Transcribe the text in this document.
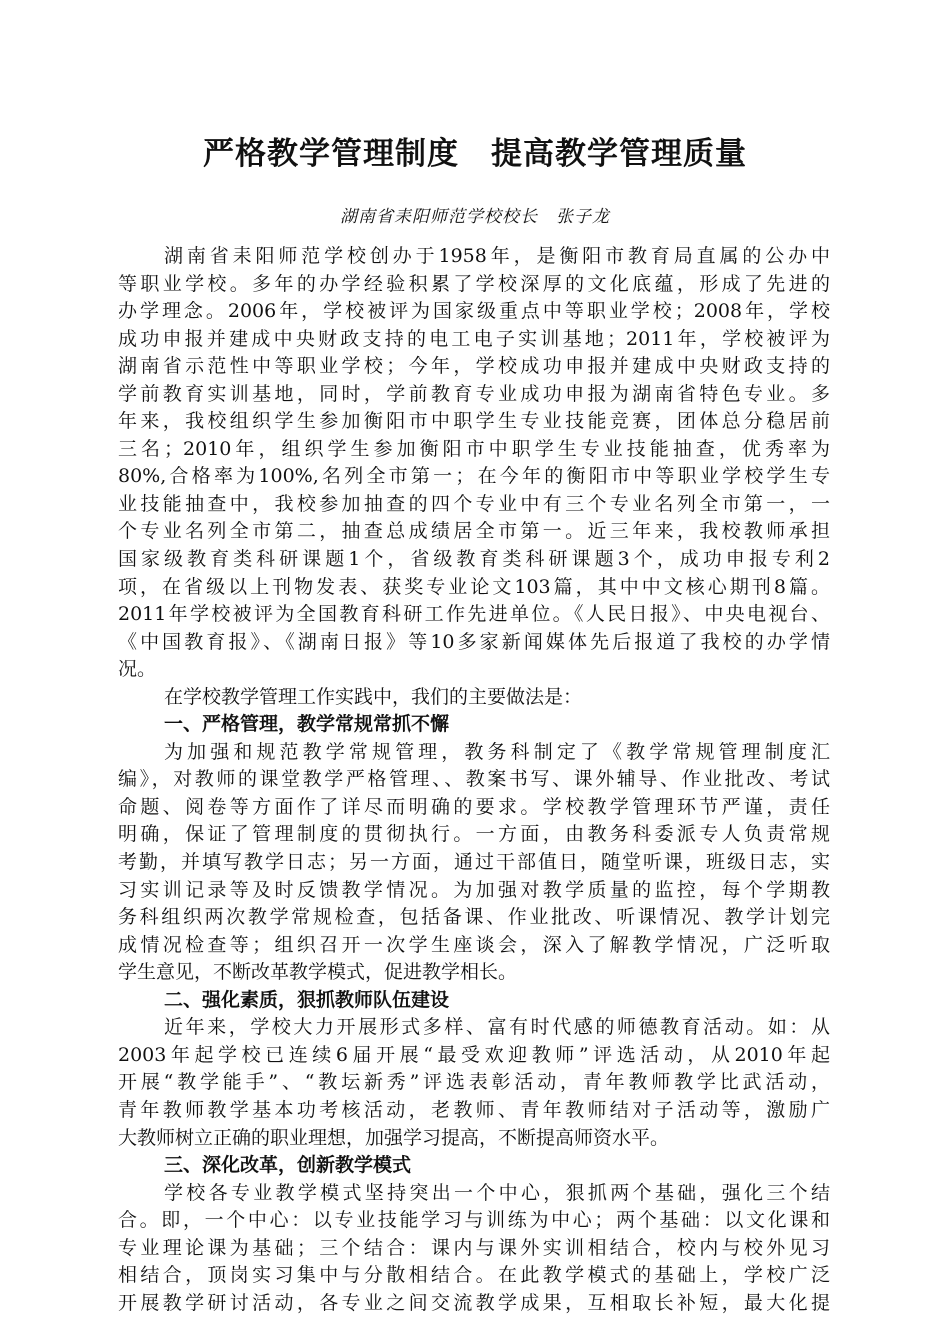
严格教学管理制度　提高教学管理质量
湖南省耒阳师范学校校长　张子龙
湖南省耒阳师范学校创办于1958年，是衡阳市教育局直属的公办中
等职业学校。多年的办学经验积累了学校深厚的文化底蕴，形成了先进的
办学理念。2006年，学校被评为国家级重点中等职业学校；2008年，学校
成功申报并建成中央财政支持的电工电子实训基地；2011年，学校被评为
湖南省示范性中等职业学校；今年，学校成功申报并建成中央财政支持的
学前教育实训基地，同时，学前教育专业成功申报为湖南省特色专业。多
年来，我校组织学生参加衡阳市中职学生专业技能竞赛，团体总分稳居前
三名；2010年，组织学生参加衡阳市中职学生专业技能抽查，优秀率为
80%,合格率为100%,名列全市第一；在今年的衡阳市中等职业学校学生专
业技能抽查中，我校参加抽查的四个专业中有三个专业名列全市第一，一
个专业名列全市第二，抽查总成绩居全市第一。近三年来，我校教师承担
国家级教育类科研课题1个，省级教育类科研课题3个，成功申报专利2
项，在省级以上刊物发表、获奖专业论文103篇，其中中文核心期刊8篇。
2011年学校被评为全国教育科研工作先进单位。《人民日报》、中央电视台、
《中国教育报》、《湖南日报》等10多家新闻媒体先后报道了我校的办学情
况。
在学校教学管理工作实践中，我们的主要做法是：
一、严格管理，教学常规常抓不懈
为加强和规范教学常规管理，教务科制定了《教学常规管理制度汇
编》，对教师的课堂教学严格管理、、教案书写、课外辅导、作业批改、考试
命题、阅卷等方面作了详尽而明确的要求。学校教学管理环节严谨，责任
明确，保证了管理制度的贯彻执行。一方面，由教务科委派专人负责常规
考勤，并填写教学日志；另一方面，通过干部值日，随堂听课，班级日志，实
习实训记录等及时反馈教学情况。为加强对教学质量的监控，每个学期教
务科组织两次教学常规检查，包括备课、作业批改、听课情况、教学计划完
成情况检查等；组织召开一次学生座谈会，深入了解教学情况，广泛听取
学生意见，不断改革教学模式，促进教学相长。
二、强化素质，狠抓教师队伍建设
近年来，学校大力开展形式多样、富有时代感的师德教育活动。如：从
2003年起学校已连续6届开展“最受欢迎教师”评选活动，从2010年起
开展“教学能手”、“教坛新秀”评选表彰活动，青年教师教学比武活动，
青年教师教学基本功考核活动，老教师、青年教师结对子活动等，激励广
大教师树立正确的职业理想，加强学习提高，不断提高师资水平。
三、深化改革，创新教学模式
学校各专业教学模式坚持突出一个中心，狠抓两个基础，强化三个结
合。即，一个中心：以专业技能学习与训练为中心；两个基础：以文化课和
专业理论课为基础；三个结合：课内与课外实训相结合，校内与校外见习
相结合，顶岗实习集中与分散相结合。在此教学模式的基础上，学校广泛
开展教学研讨活动，各专业之间交流教学成果，互相取长补短，最大化提
